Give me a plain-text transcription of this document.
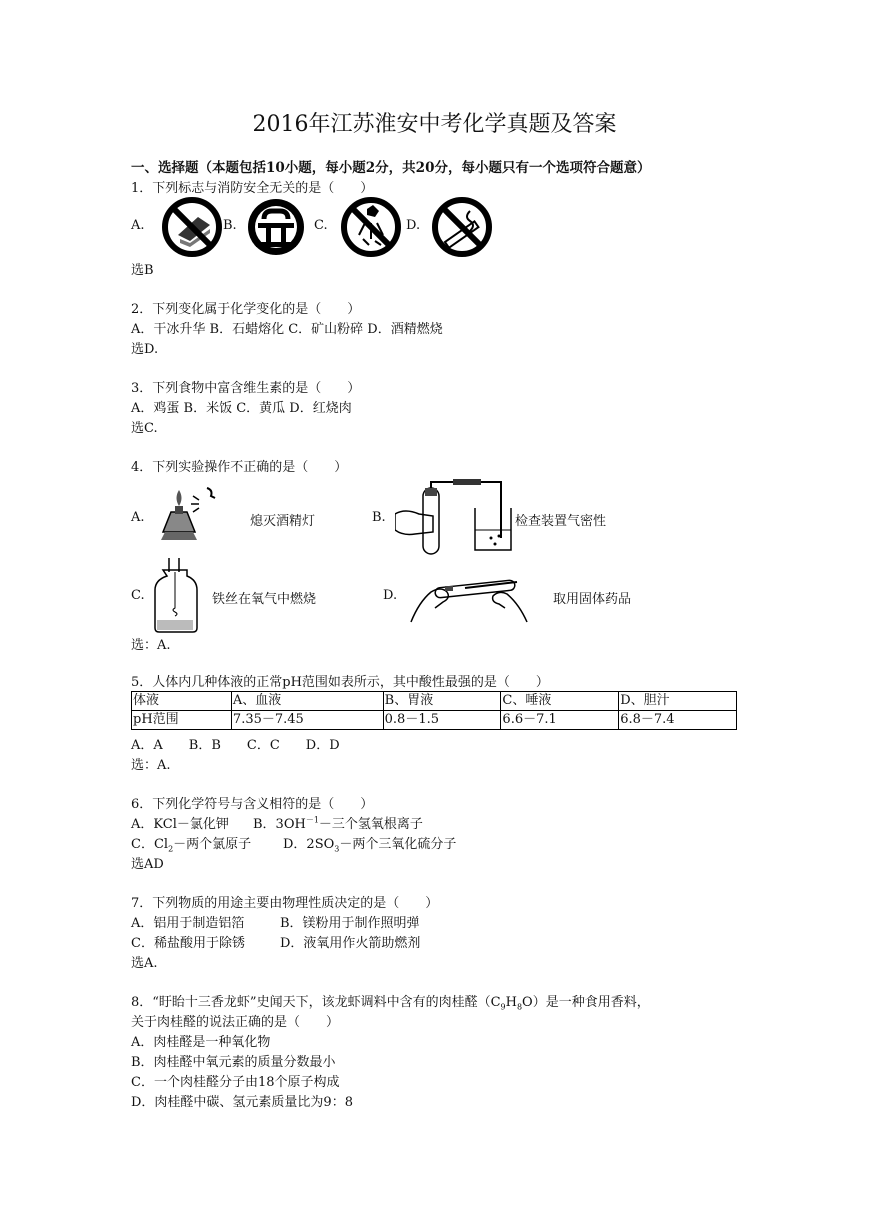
2016年江苏淮安中考化学真题及答案
一、选择题（本题包括10小题，每小题2分，共20分，每小题只有一个选项符合题意）
1．下列标志与消防安全无关的是（　　）
A.	B.	C.	D.
选B
2．下列变化属于化学变化的是（　　）
A．干冰升华 B．石蜡熔化 C．矿山粉碎 D．酒精燃烧
选D.
3．下列食物中富含维生素的是（　　）
A．鸡蛋 B．米饭 C．黄瓜 D．红烧肉
选C.
4．下列实验操作不正确的是（　　）
A.	熄灭酒精灯	B.	检查装置气密性
C.	铁丝在氧气中燃烧	D.	取用固体药品
选：A.
5．人体内几种体液的正常pH范围如表所示，其中酸性最强的是（　　）
体液	A、血液	B、胃液	C、唾液	D、胆汁
pH范围	7.35－7.45	0.8－1.5	6.6－7.1	6.8－7.4
A．A　　B．B　　C．C　　D．D
选：A.
6．下列化学符号与含义相符的是（　　）
A．KCl－氯化钾 B．$3OH^{-1}-$三个氢氧根离子
C．$Cl_2-$两个氯原子 D．$2SO_3-$两个三氧化硫分子
选AD
7．下列物质的用途主要由物理性质决定的是（　　）
A．铝用于制造铝箔	B．镁粉用于制作照明弹
C．稀盐酸用于除锈	D．液氧用作火箭助燃剂
选A.
8．“盱眙十三香龙虾”史闻天下，该龙虾调料中含有的肉桂醛$(C_9H_8O)$是一种食用香料，
关于肉桂醛的说法正确的是（　　）
A．肉桂醛是一种氧化物
B．肉桂醛中氧元素的质量分数最小
C．一个肉桂醛分子由18个原子构成
D．肉桂醛中碳、氢元素质量比为9：8
